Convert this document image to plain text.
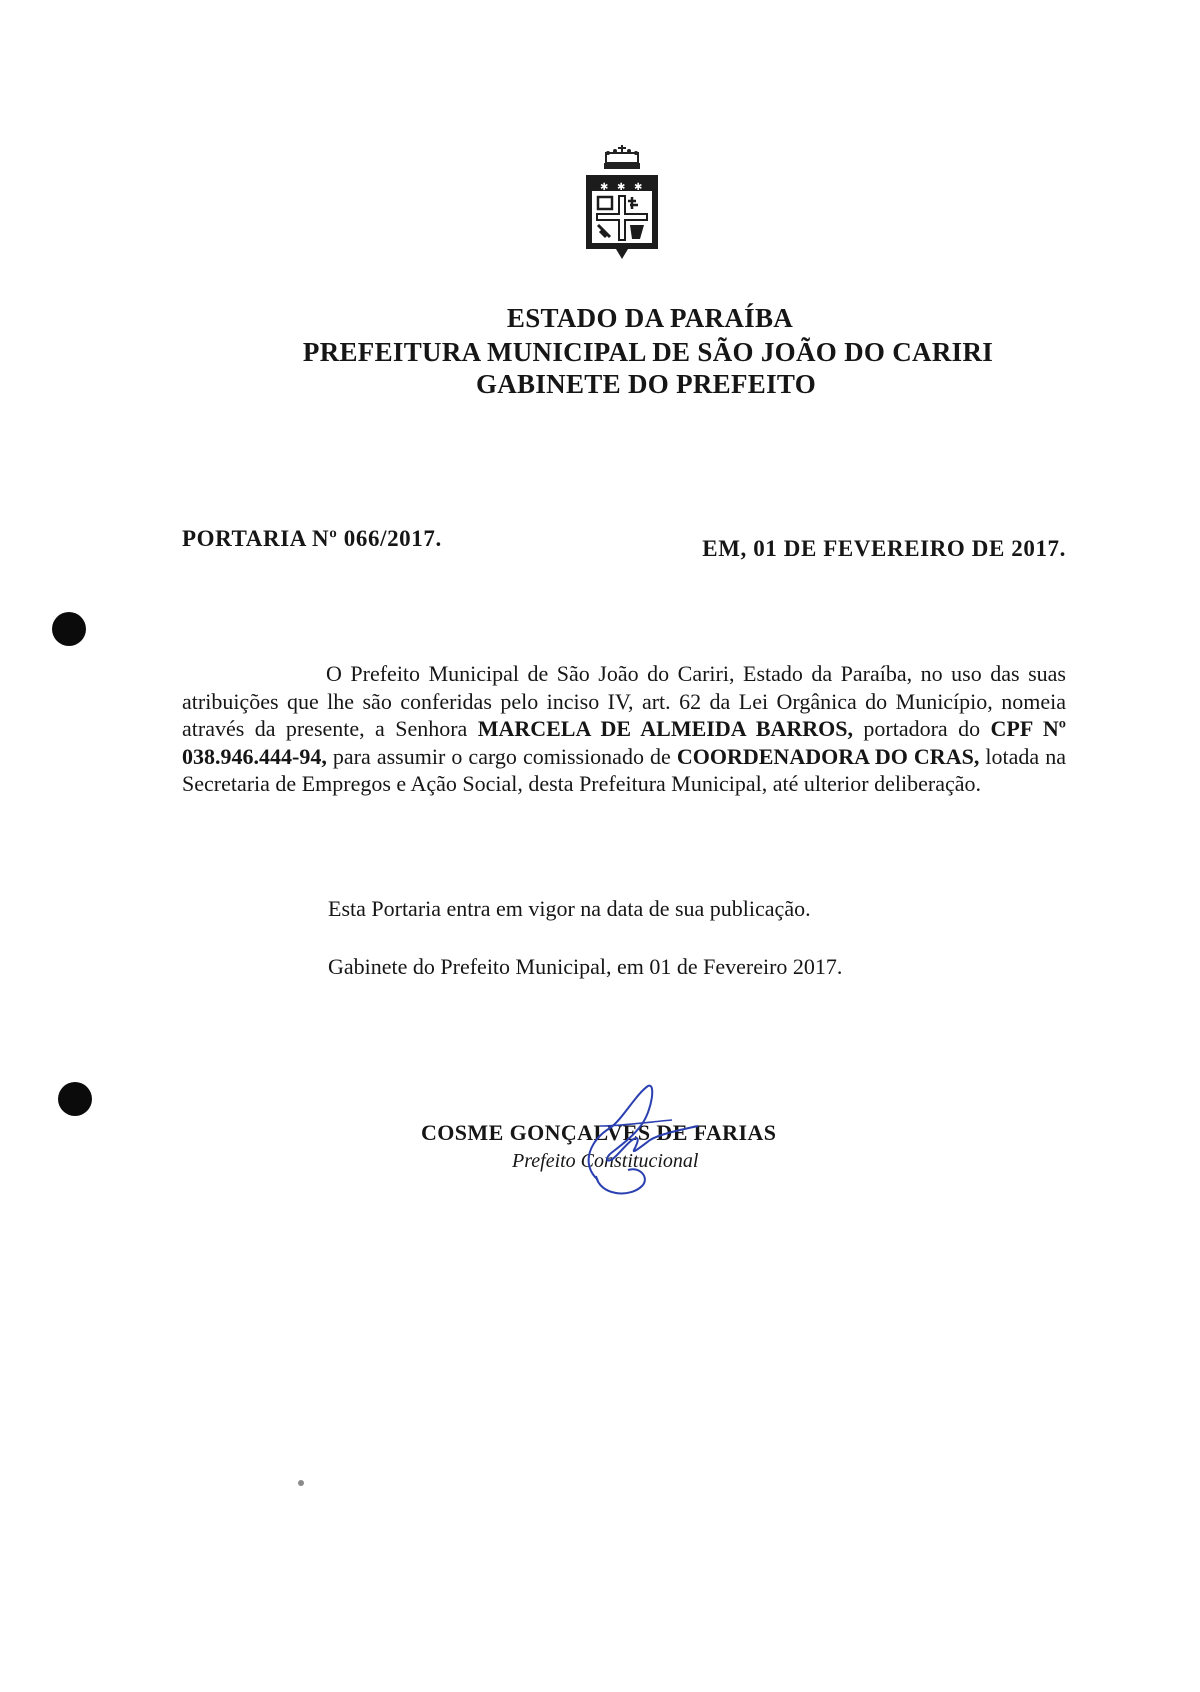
✱ ✱ ✱
ESTADO DA PARAÍBA
PREFEITURA MUNICIPAL DE SÃO JOÃO DO CARIRI
GABINETE DO PREFEITO
PORTARIA Nº 066/2017.	EM, 01 DE FEVEREIRO DE 2017.

O Prefeito Municipal de São João do Cariri, Estado da Paraíba, no uso das suas atribuições que lhe são conferidas pelo inciso IV, art. 62 da Lei Orgânica do Município, nomeia através da presente, a Senhora MARCELA DE ALMEIDA BARROS, portadora do CPF Nº 038.946.444-94, para assumir o cargo comissionado de COORDENADORA DO CRAS, lotada na Secretaria de Empregos e Ação Social, desta Prefeitura Municipal, até ulterior deliberação.

Esta Portaria entra em vigor na data de sua publicação.
Gabinete do Prefeito Municipal, em 01 de Fevereiro 2017.
COSME GONÇALVES DE FARIAS
Prefeito Constitucional
